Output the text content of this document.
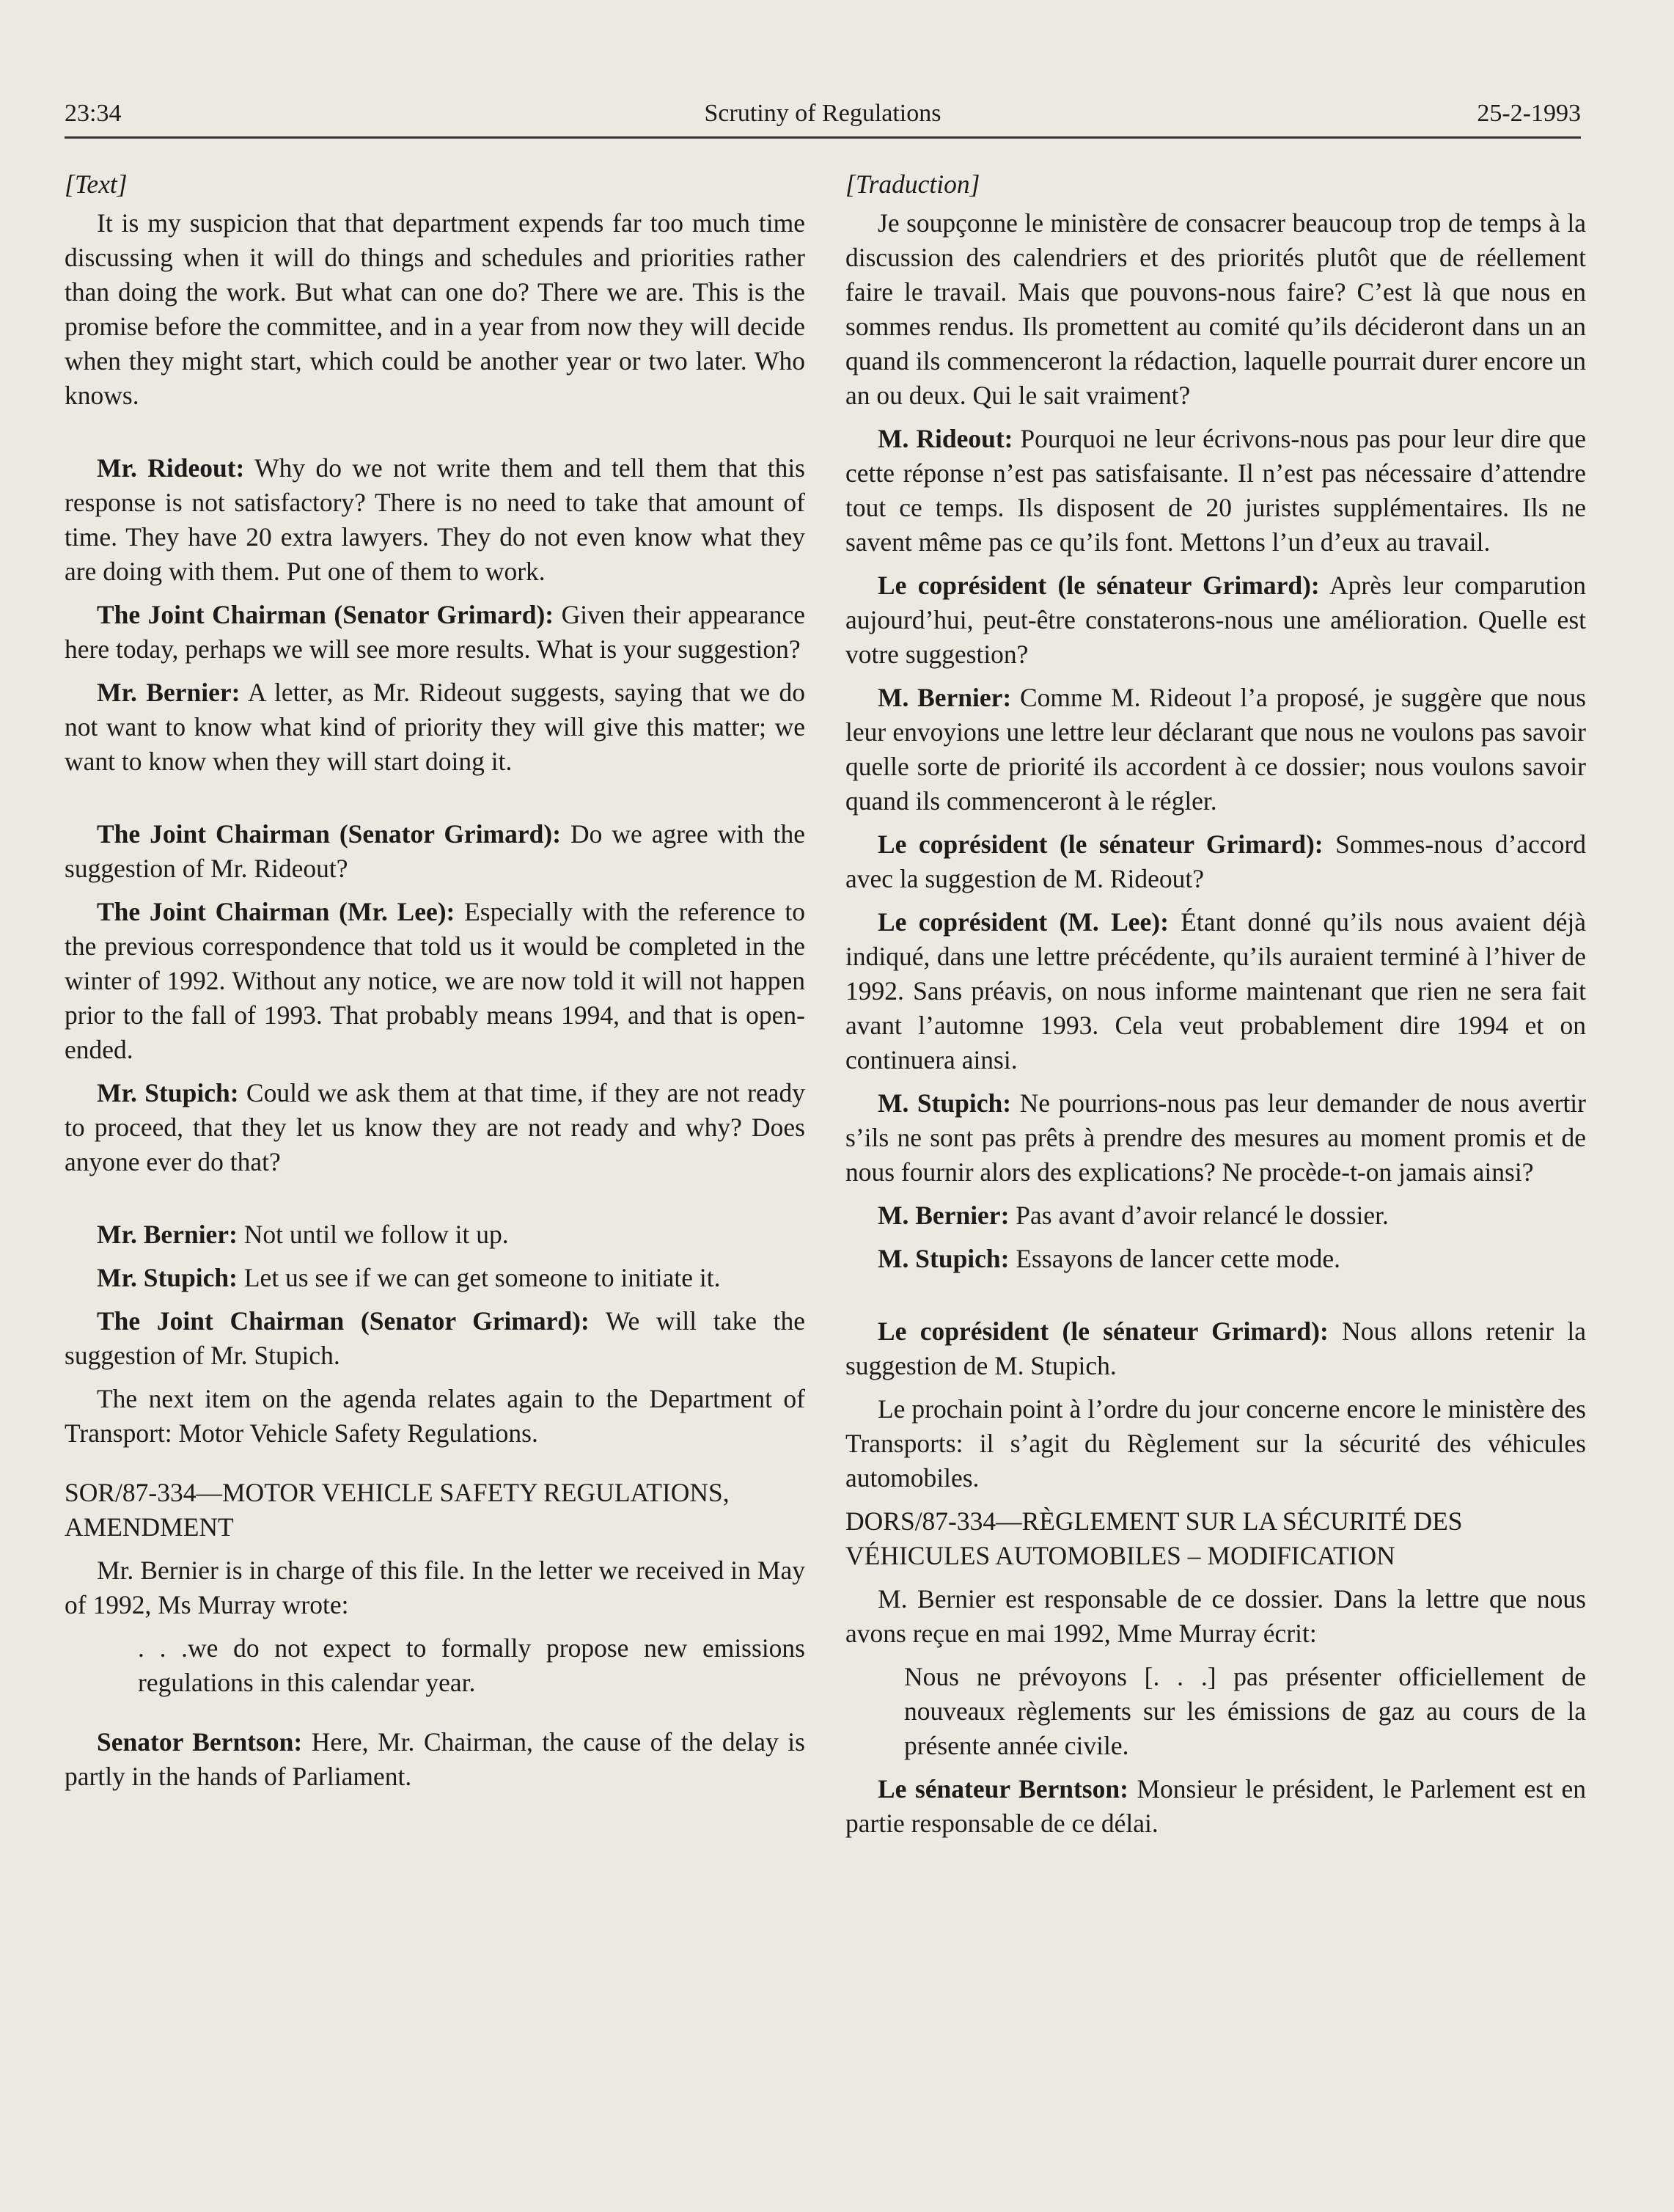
23:34	Scrutiny of Regulations	25-2-1993

[Text]

It is my suspicion that that department expends far too much time discussing when it will do things and schedules and priorities rather than doing the work. But what can one do? There we are. This is the promise before the committee, and in a year from now they will decide when they might start, which could be another year or two later. Who knows.

Mr. Rideout: Why do we not write them and tell them that this response is not satisfactory? There is no need to take that amount of time. They have 20 extra lawyers. They do not even know what they are doing with them. Put one of them to work.

The Joint Chairman (Senator Grimard): Given their appearance here today, perhaps we will see more results. What is your suggestion?

Mr. Bernier: A letter, as Mr. Rideout suggests, saying that we do not want to know what kind of priority they will give this matter; we want to know when they will start doing it.

The Joint Chairman (Senator Grimard): Do we agree with the suggestion of Mr. Rideout?

The Joint Chairman (Mr. Lee): Especially with the reference to the previous correspondence that told us it would be completed in the winter of 1992. Without any notice, we are now told it will not happen prior to the fall of 1993. That probably means 1994, and that is open-ended.

Mr. Stupich: Could we ask them at that time, if they are not ready to proceed, that they let us know they are not ready and why? Does anyone ever do that?

Mr. Bernier: Not until we follow it up.

Mr. Stupich: Let us see if we can get someone to initiate it.

The Joint Chairman (Senator Grimard): We will take the suggestion of Mr. Stupich.

The next item on the agenda relates again to the Department of Transport: Motor Vehicle Safety Regulations.

SOR/87-334—MOTOR VEHICLE SAFETY REGULATIONS, AMENDMENT

Mr. Bernier is in charge of this file. In the letter we received in May of 1992, Ms Murray wrote:

. . .we do not expect to formally propose new emissions regulations in this calendar year.

Senator Berntson: Here, Mr. Chairman, the cause of the delay is partly in the hands of Parliament.

[Traduction]

Je soupçonne le ministère de consacrer beaucoup trop de temps à la discussion des calendriers et des priorités plutôt que de réellement faire le travail. Mais que pouvons-nous faire? C’est là que nous en sommes rendus. Ils promettent au comité qu’ils décideront dans un an quand ils commenceront la rédaction, laquelle pourrait durer encore un an ou deux. Qui le sait vraiment?

M. Rideout: Pourquoi ne leur écrivons-nous pas pour leur dire que cette réponse n’est pas satisfaisante. Il n’est pas nécessaire d’attendre tout ce temps. Ils disposent de 20 juristes supplémentaires. Ils ne savent même pas ce qu’ils font. Mettons l’un d’eux au travail.

Le coprésident (le sénateur Grimard): Après leur comparution aujourd’hui, peut-être constaterons-nous une amélioration. Quelle est votre suggestion?

M. Bernier: Comme M. Rideout l’a proposé, je suggère que nous leur envoyions une lettre leur déclarant que nous ne voulons pas savoir quelle sorte de priorité ils accordent à ce dossier; nous voulons savoir quand ils commenceront à le régler.

Le coprésident (le sénateur Grimard): Sommes-nous d’accord avec la suggestion de M. Rideout?

Le coprésident (M. Lee): Étant donné qu’ils nous avaient déjà indiqué, dans une lettre précédente, qu’ils auraient terminé à l’hiver de 1992. Sans préavis, on nous informe maintenant que rien ne sera fait avant l’automne 1993. Cela veut probablement dire 1994 et on continuera ainsi.

M. Stupich: Ne pourrions-nous pas leur demander de nous avertir s’ils ne sont pas prêts à prendre des mesures au moment promis et de nous fournir alors des explications? Ne procède-t-on jamais ainsi?

M. Bernier: Pas avant d’avoir relancé le dossier.

M. Stupich: Essayons de lancer cette mode.

Le coprésident (le sénateur Grimard): Nous allons retenir la suggestion de M. Stupich.

Le prochain point à l’ordre du jour concerne encore le ministère des Transports: il s’agit du Règlement sur la sécurité des véhicules automobiles.

DORS/87-334—RÈGLEMENT SUR LA SÉCURITÉ DES VÉHICULES AUTOMOBILES – MODIFICATION

M. Bernier est responsable de ce dossier. Dans la lettre que nous avons reçue en mai 1992, Mme Murray écrit:

Nous ne prévoyons [. . .] pas présenter officiellement de nouveaux règlements sur les émissions de gaz au cours de la présente année civile.

Le sénateur Berntson: Monsieur le président, le Parlement est en partie responsable de ce délai.
